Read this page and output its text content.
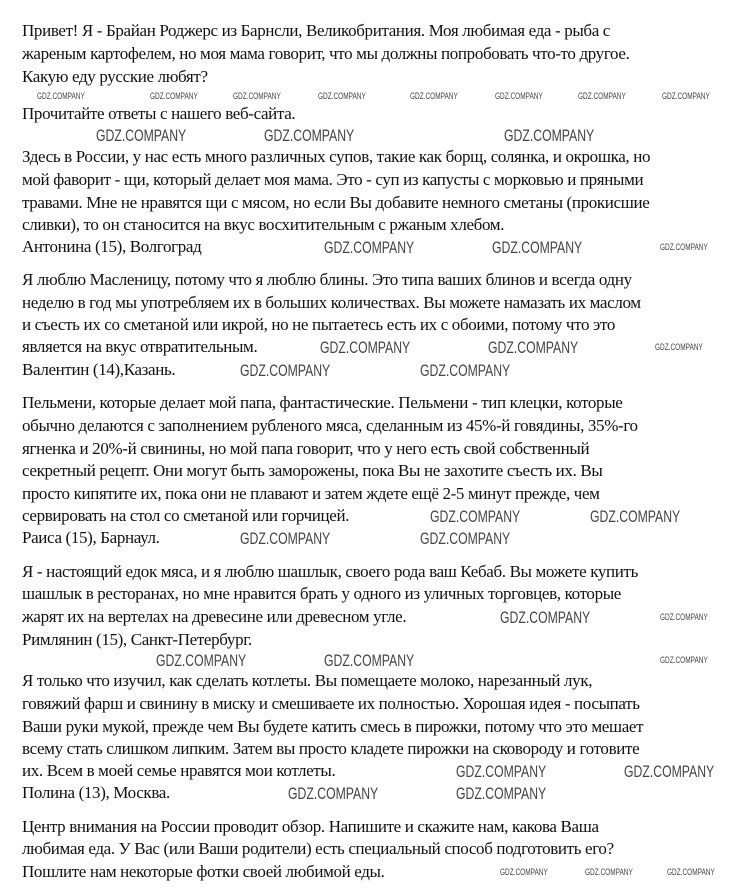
Привет! Я - Брайан Роджерс из Барнсли, Великобритания. Моя любимая еда - рыба с
жареным картофелем, но моя мама говорит, что мы должны попробовать что-то другое.
Какую еду русские любят?
Прочитайте ответы с нашего веб-сайта.
Здесь в России, у нас есть много различных супов, такие как борщ, солянка, и окрошка, но
мой фаворит - щи, который делает моя мама. Это - суп из капусты с морковью и пряными
травами. Мне не нравятся щи с мясом, но если Вы добавите немного сметаны (прокисшие
сливки), то он станосится на вкус восхитительным с ржаным хлебом.
Антонина (15), Волгоград
Я люблю Масленицу, потому что я люблю блины. Это типа ваших блинов и всегда одну
неделю в год мы употребляем их в больших количествах. Вы можете намазать их маслом
и съесть их со сметаной или икрой, но не пытаетесь есть их с обоими, потому что это
является на вкус отвратительным.
Валентин (14),Казань.
Пельмени, которые делает мой папа, фантастические. Пельмени - тип клецки, которые
обычно делаются с заполнением рубленого мяса, сделанным из 45%-й говядины, 35%-го
ягненка и 20%-й свинины, но мой папа говорит, что у него есть свой собственный
секретный рецепт. Они могут быть заморожены, пока Вы не захотите съесть их. Вы
просто кипятите их, пока они не плавают и затем ждете ещё 2-5 минут прежде, чем
сервировать на стол со сметаной или горчицей.
Раиса (15), Барнаул.
Я - настоящий едок мяса, и я люблю шашлык, своего рода ваш Кебаб. Вы можете купить
шашлык в ресторанах, но мне нравится брать у одного из уличных торговцев, которые
жарят их на вертелах на древесине или древесном угле.
Римлянин (15), Санкт-Петербург.
Я только что изучил, как сделать котлеты. Вы помещаете молоко, нарезанный лук,
говяжий фарш и свинину в миску и смешиваете их полностью. Хорошая идея - посыпать
Ваши руки мукой, прежде чем Вы будете катить смесь в пирожки, потому что это мешает
всему стать слишком липким. Затем вы просто кладете пирожки на сковороду и готовите
их. Всем в моей семье нравятся мои котлеты.
Полина (13), Москва.
Центр внимания на России проводит обзор. Напишите и скажите нам, какова Ваша
любимая еда. У Вас (или Ваши родители) есть специальный способ подготовить его?
Пошлите нам некоторые фотки своей любимой еды.
GDZ.COMPANY	GDZ.COMPANY	GDZ.COMPANY	GDZ.COMPANY	GDZ.COMPANY	GDZ.COMPANY	GDZ.COMPANY	GDZ.COMPANY
GDZ.COMPANY	GDZ.COMPANY	GDZ.COMPANY
GDZ.COMPANY	GDZ.COMPANY	GDZ.COMPANY
GDZ.COMPANY	GDZ.COMPANY	GDZ.COMPANY
GDZ.COMPANY	GDZ.COMPANY
GDZ.COMPANY	GDZ.COMPANY
GDZ.COMPANY	GDZ.COMPANY
GDZ.COMPANY	GDZ.COMPANY
GDZ.COMPANY	GDZ.COMPANY	GDZ.COMPANY
GDZ.COMPANY	GDZ.COMPANY
GDZ.COMPANY	GDZ.COMPANY
GDZ.COMPANY	GDZ.COMPANY	GDZ.COMPANY
